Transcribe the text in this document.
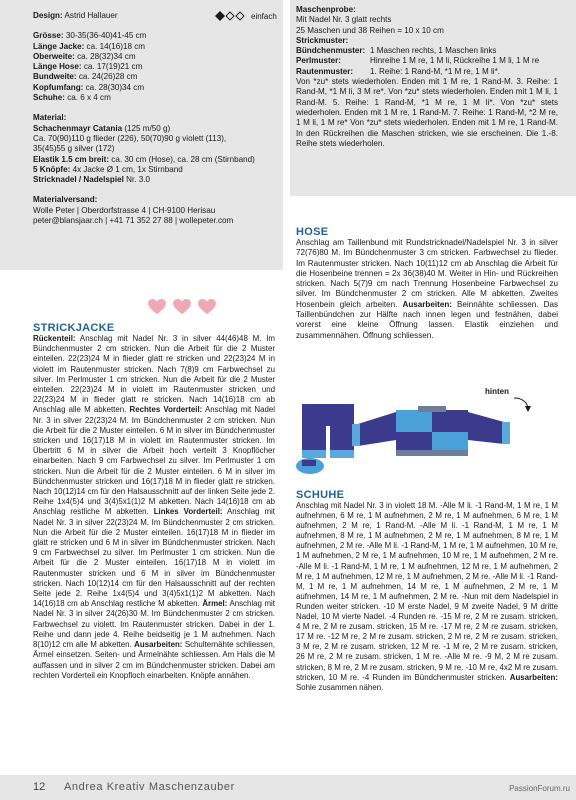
Design: Astrid Hallauer

Grösse: 30-35(36-40)41-45 cm
Länge Jacke: ca. 14(16)18 cm
Oberweite: ca. 28(32)34 cm
Länge Hose: ca. 17(19)21 cm
Bundweite: ca. 24(26)28 cm
Kopfumfang: ca. 28(30)34 cm
Schuhe: ca. 6 x 4 cm

Material:

Schachenmayr Catania (125 m/50 g)

Ca. 70(90)110 g flieder (226), 50(70)90 g violett (113),

35(45)55 g silver (172)

Elastik 1.5 cm breit: ca. 30 cm (Hose), ca. 28 cm (Stirnband)

5 Knöpfe: 4x Jacke Ø 1 cm, 1x Stirnband

Stricknadel / Nadelspiel Nr. 3.0

Materialversand:

Wolle Peter | Oberdorfstrasse 4 | CH-9100 Herisau

peter@blansjaar.ch | +41 71 352 27 88 | wollepeter.com

einfach

Maschenprobe:

Mit Nadel Nr. 3 glatt rechts

25 Maschen und 38 Reihen = 10 x 10 cm

Strickmuster:

Bündchenmuster: 1 Maschen rechts, 1 Maschen links
Perlmuster:	Hinreihe 1 M re, 1 M li, Rückreihe 1 M li, 1 M re
Rautenmuster:	1. Reihe: 1 Rand-M, *1 M re, 1 M li*.

Von *zu* stets wiederholen. Enden mit 1 M re, 1 Rand-M. 3. Reihe: 1 Rand-M, *1 M li, 3 M re*. Von *zu* stets wiederholen. Enden mit 1 M li, 1 Rand-M. 5. Reihe: 1 Rand-M, *1 M re, 1 M li*. Von *zu* stets wiederholen. Enden mit 1 M re, 1 Rand-M. 7. Reihe: 1 Rand-M, *2 M re, 1 M li, 1 M re* Von *zu* stets wiederholen. Enden mit 1 M re, 1 Rand-M. In den Rückreihen die Maschen stricken, wie sie erscheinen. Die 1.-8. Reihe stets wiederholen.

STRICKJACKE

Rückenteil: Anschlag mit Nadel Nr. 3 in silver 44(46)48 M. Im Bündchenmuster 2 cm stricken. Nun die Arbeit für die 2 Muster einteilen. 22(23)24 M in flieder glatt re stricken und 22(23)24 M in violett im Rautenmuster stricken. Nach 7(8)9 cm Farbwechsel zu silver. Im Perlmuster 1 cm stricken. Nun die Arbeit für die 2 Muster einteilen. 22(23)24 M in violett im Rautenmuster stricken und 22(23)24 M in flieder glatt re stricken. Nach 14(16)18 cm ab Anschlag alle M abketten. Rechtes Vorderteil: Anschlag mit Nadel Nr. 3 in silver 22(23)24 M. Im Bündchenmuster 2 cm stricken. Nun die Arbeit für die 2 Muster einteilen. 6 M in silver im Bündchenmuster stricken und 16(17)18 M in violett im Rautenmuster stricken. Im Übertritt 6 M in silver die Arbeit hoch verteilt 3 Knopflöcher einarbeiten. Nach 9 cm Farbwechsel zu silver. Im Perlmuster 1 cm stricken. Nun die Arbeit für die 2 Muster einteilen. 6 M in silver im Bündchenmuster stricken und 16(17)18 M in flieder glatt re stricken. Nach 10(12)14 cm für den Halsausschnitt auf der linken Seite jede 2. Reihe 1x4(5)4 und 3(4)5x1(1)2 M abketten. Nach 14(16)18 cm ab Anschlag restliche M abketten. Linkes Vorderteil: Anschlag mit Nadel Nr. 3 in silver 22(23)24 M. Im Bündchenmuster 2 cm stricken. Nun die Arbeit für die 2 Muster einteilen. 16(17)18 M in flieder im glatt re stricken und 6 M in silver im Bündchenmuster stricken. Nach 9 cm Farbwechsel zu silver. Im Perlmuster 1 cm stricken. Nun die Arbeit für die 2 Muster einteilen. 16(17)18 M in violett im Rautenmuster stricken und 6 M in silver im Bündchenmuster stricken. Nach 10(12)14 cm für den Halsausschnitt auf der rechten Seite jede 2. Reihe 1x4(5)4 und 3(4)5x1(1)2 M abketten. Nach 14(16)18 cm ab Anschlag restliche M abketten. Ärmel: Anschlag mit Nadel Nr. 3 in silver 24(26)30 M. Im Bündchenmuster 2 cm stricken. Farbwechsel zu violett. Im Rautenmuster stricken. Dabei in der 1. Reihe und dann jede 4. Reihe beidseitig je 1 M aufnehmen. Nach 8(10)12 cm alle M abketten. Ausarbeiten: Schulternähte schliessen, Ärmel einsetzen. Seiten- und Ärmelnähte schliessen. Am Hals die M auffassen und in silver 2 cm im Bündchenmuster stricken. Dabei am rechten Vorderteil ein Knopfloch einarbeiten. Knöpfe annähen.

HOSE

Anschlag am Taillenbund mit Rundstricknadel/Nadelspiel Nr. 3 in silver 72(76)80 M. Im Bündchenmuster 3 cm stricken. Farbwechsel zu flieder. Im Rautenmuster stricken. Nach 10(11)12 cm ab Anschlag die Arbeit für die Hosenbeine trennen = 2x 36(38)40 M. Weiter in Hin- und Rückreihen stricken. Nach 5(7)9 cm nach Trennung Hosenbeine Farbwechsel zu silver. Im Bündchenmuster 2 cm stricken. Alle M abketten. Zweites Hosenbein gleich arbeiten. Ausarbeiten: Beinnähte schliessen. Das Taillenbündchen zur Hälfte nach innen legen und festnähen, dabei vorerst eine kleine Öffnung lassen. Elastik einziehen und zusammennähen. Öffnung schliessen.

hinten

SCHUHE

Anschlag mit Nadel Nr. 3 in violett 18 M. -Alle M li. -1 Rand-M, 1 M re, 1 M aufnehmen, 6 M re, 1 M aufnehmen, 2 M re, 1 M aufnehmen, 6 M re, 1 M aufnehmen, 2 M re, 1 Rand-M. -Alle M li. -1 Rand-M, 1 M re, 1 M aufnehmen, 8 M re, 1 M aufnehmen, 2 M re, 1 M aufnehmen, 8 M re, 1 M aufnehmen, 2 M re. -Alle M li. -1 Rand-M, 1 M re, 1 M aufnehmen, 10 M re, 1 M aufnehmen, 2 M re, 1 M aufnehmen, 10 M re, 1 M aufnehmen, 2 M re. -Alle M li. -1 Rand-M, 1 M re, 1 M aufnehmen, 12 M re, 1 M aufnehmen, 2 M re, 1 M aufnehmen, 12 M re, 1 M aufnehmen, 2 M re. -Alle M li. -1 Rand-M, 1 M re, 1 M aufnehmen, 14 M re, 1 M aufnehmen, 2 M re, 1 M aufnehmen, 14 M re, 1 M aufnehmen, 2 M re. -Nun mit dem Nadelspiel in Runden weiter stricken. -10 M erste Nadel, 9 M zweite Nadel, 9 M dritte Nadel, 10 M vierte Nadel. -4 Runden re. -15 M re, 2 M re zusam. stricken, 4 M re, 2 M re zusam. stricken, 15 M re. -17 M re, 2 M re zusam. stricken, 17 M re. -12 M re, 2 M re zusam. stricken, 2 M re, 2 M re zusam. stricken, 3 M re, 2 M re zusam. stricken, 12 M re. -1 M re, 2 M re zusam. stricken, 26 M re, 2 M re zusam. stricken, 1 M re. -Alle M re. -9 M, 2 M re zusam. stricken, 8 M re, 2 M re zusam. stricken, 9 M re. -10 M re, 4x2 M re zusam. stricken, 10 M re. -4 Runden im Bündchenmuster stricken. Ausarbeiten: Sohle zusammen nähen.

12 Andrea Kreativ Maschenzauber	PassionForum.ru
